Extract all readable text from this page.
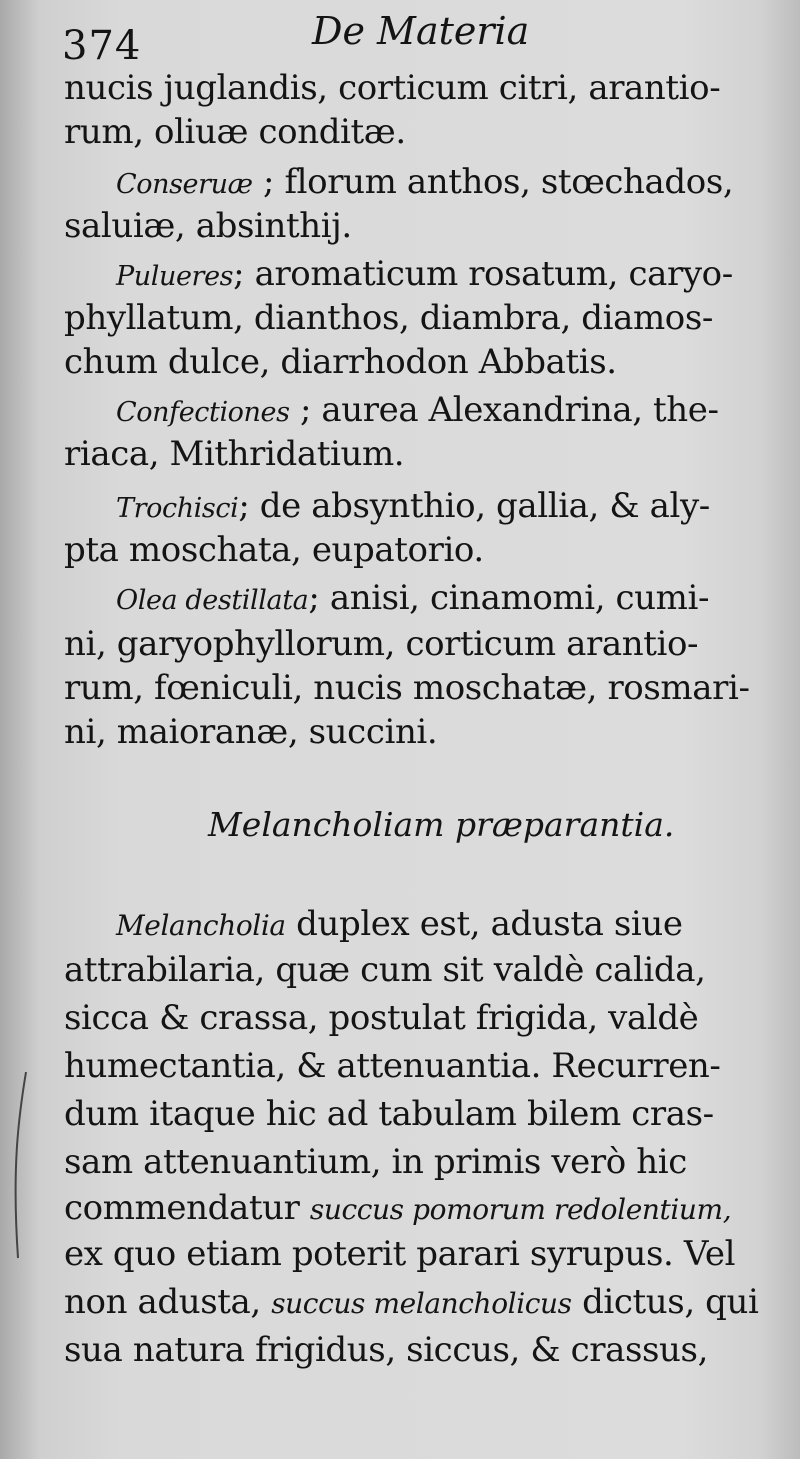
374	De Materia
nucis juglandis, corticum citri, arantio-
rum, oliuæ conditæ.
Conseruæ ; florum anthos, stœchados,
saluiæ, absinthij.
Pulueres; aromaticum rosatum, caryo-
phyllatum, dianthos, diambra, diamos-
chum dulce, diarrhodon Abbatis.
Confectiones ; aurea Alexandrina, the-
riaca, Mithridatium.
Trochisci; de absynthio, gallia, & aly-
pta moschata, eupatorio.
Olea destillata; anisi, cinamomi, cumi-
ni, garyophyllorum, corticum arantio-
rum, fœniculi, nucis moschatæ, rosmari-
ni, maioranæ, succini.
Melancholiam præparantia.
Melancholia duplex est, adusta siue
attrabilaria, quæ cum sit valdè calida,
sicca & crassa, postulat frigida, valdè
humectantia, & attenuantia. Recurren-
dum itaque hic ad tabulam bilem cras-
sam attenuantium, in primis verò hic
commendatur succus pomorum redolentium,
ex quo etiam poterit parari syrupus. Vel
non adusta, succus melancholicus dictus, qui
sua natura frigidus, siccus, & crassus,
